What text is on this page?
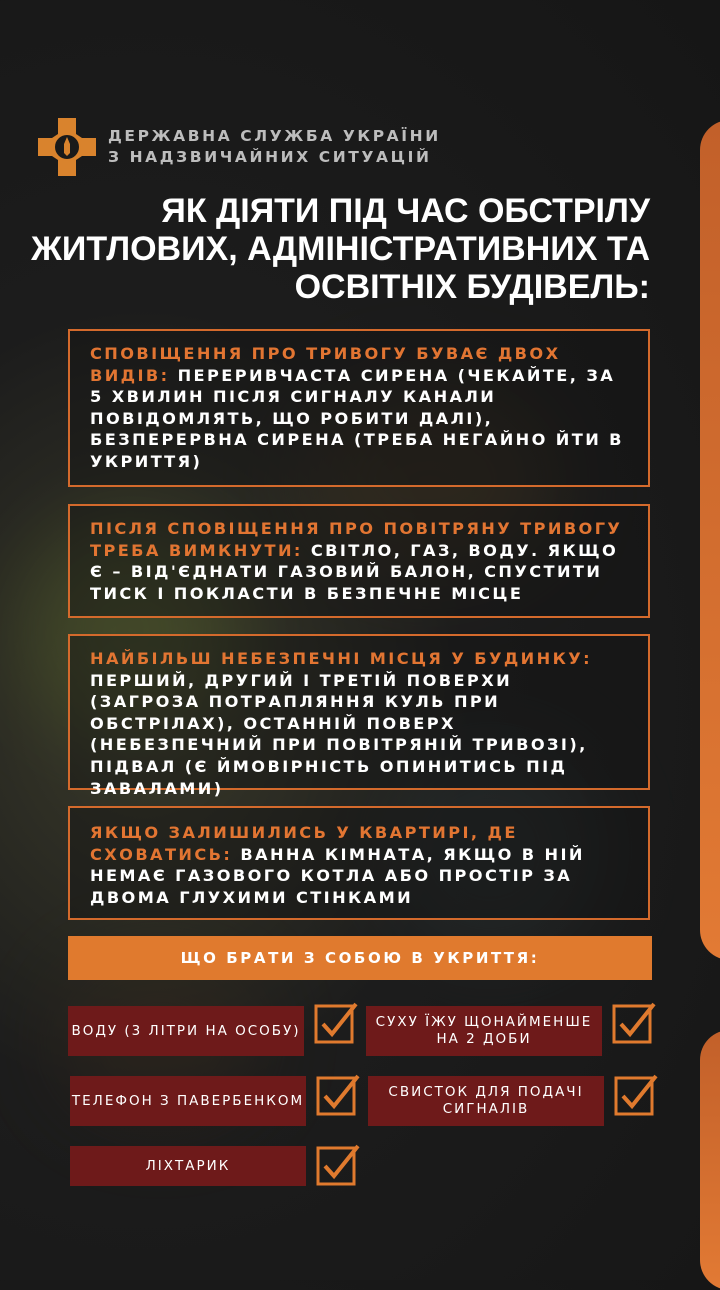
ДЕРЖАВНА СЛУЖБА УКРАЇНИ
З НАДЗВИЧАЙНИХ СИТУАЦІЙ
ЯК ДІЯТИ ПІД ЧАС ОБСТРІЛУ
ЖИТЛОВИХ, АДМІНІСТРАТИВНИХ ТА
ОСВІТНІХ БУДІВЕЛЬ:
СПОВІЩЕННЯ ПРО ТРИВОГУ БУВАЄ ДВОХ ВИДІВ: ПЕРЕРИВЧАСТА СИРЕНА (ЧЕКАЙТЕ, ЗА 5 ХВИЛИН ПІСЛЯ СИГНАЛУ КАНАЛИ ПОВІДОМЛЯТЬ, ЩО РОБИТИ ДАЛІ), БЕЗПЕРЕРВНА СИРЕНА (ТРЕБА НЕГАЙНО ЙТИ В УКРИТТЯ)
ПІСЛЯ СПОВІЩЕННЯ ПРО ПОВІТРЯНУ ТРИВОГУ ТРЕБА ВИМКНУТИ: СВІТЛО, ГАЗ, ВОДУ. ЯКЩО Є – ВІД'ЄДНАТИ ГАЗОВИЙ БАЛОН, СПУСТИТИ ТИСК І ПОКЛАСТИ В БЕЗПЕЧНЕ МІСЦЕ
НАЙБІЛЬШ НЕБЕЗПЕЧНІ МІСЦЯ У БУДИНКУ: ПЕРШИЙ, ДРУГИЙ І ТРЕТІЙ ПОВЕРХИ (ЗАГРОЗА ПОТРАПЛЯННЯ КУЛЬ ПРИ ОБСТРІЛАХ), ОСТАННІЙ ПОВЕРХ (НЕБЕЗПЕЧНИЙ ПРИ ПОВІТРЯНІЙ ТРИВОЗІ), ПІДВАЛ (Є ЙМОВІРНІСТЬ ОПИНИТИСЬ ПІД ЗАВАЛАМИ)
ЯКЩО ЗАЛИШИЛИСЬ У КВАРТИРІ, ДЕ СХОВАТИСЬ: ВАННА КІМНАТА, ЯКЩО В НІЙ НЕМАЄ ГАЗОВОГО КОТЛА АБО ПРОСТІР ЗА ДВОМА ГЛУХИМИ СТІНКАМИ
ЩО БРАТИ З СОБОЮ В УКРИТТЯ:
ВОДУ (3 ЛІТРИ НА ОСОБУ)
СУХУ ЇЖУ ЩОНАЙМЕНШЕ НА 2 ДОБИ
ТЕЛЕФОН З ПАВЕРБЕНКОМ
СВИСТОК ДЛЯ ПОДАЧІ СИГНАЛІВ
ЛІХТАРИК
